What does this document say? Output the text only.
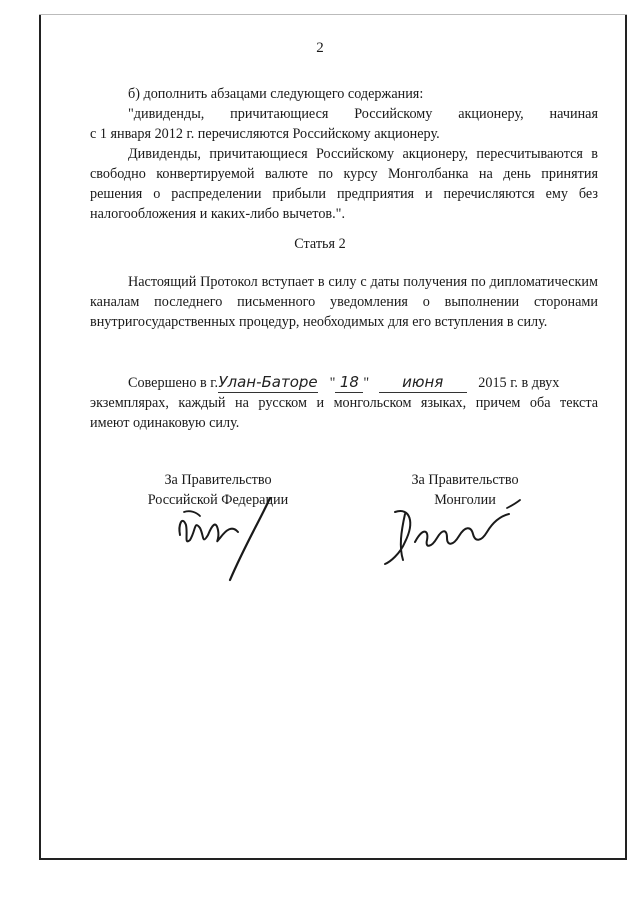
2
б) дополнить абзацами следующего содержания:
"дивиденды, причитающиеся Российскому акционеру, начиная
с 1 января 2012 г. перечисляются Российскому акционеру.

Дивиденды, причитающиеся Российскому акционеру, пересчитываются в свободно конвертируемой валюте по курсу Монголбанка на день принятия решения о распределении прибыли предприятия и перечисляются ему без налогообложения и каких-либо вычетов.".

Статья 2

Настоящий Протокол вступает в силу с даты получения по дипломатическим каналам последнего письменного уведомления о выполнении сторонами внутригосударственных процедур, необходимых для его вступления в силу.

Совершено в г.Улан-Баторе " 18 " июня 2015 г. в двух
экземплярах, каждый на русском и монгольском языках, причем оба текста
имеют одинаковую силу.
За Правительство
Российской Федерации
За Правительство
Монголии
